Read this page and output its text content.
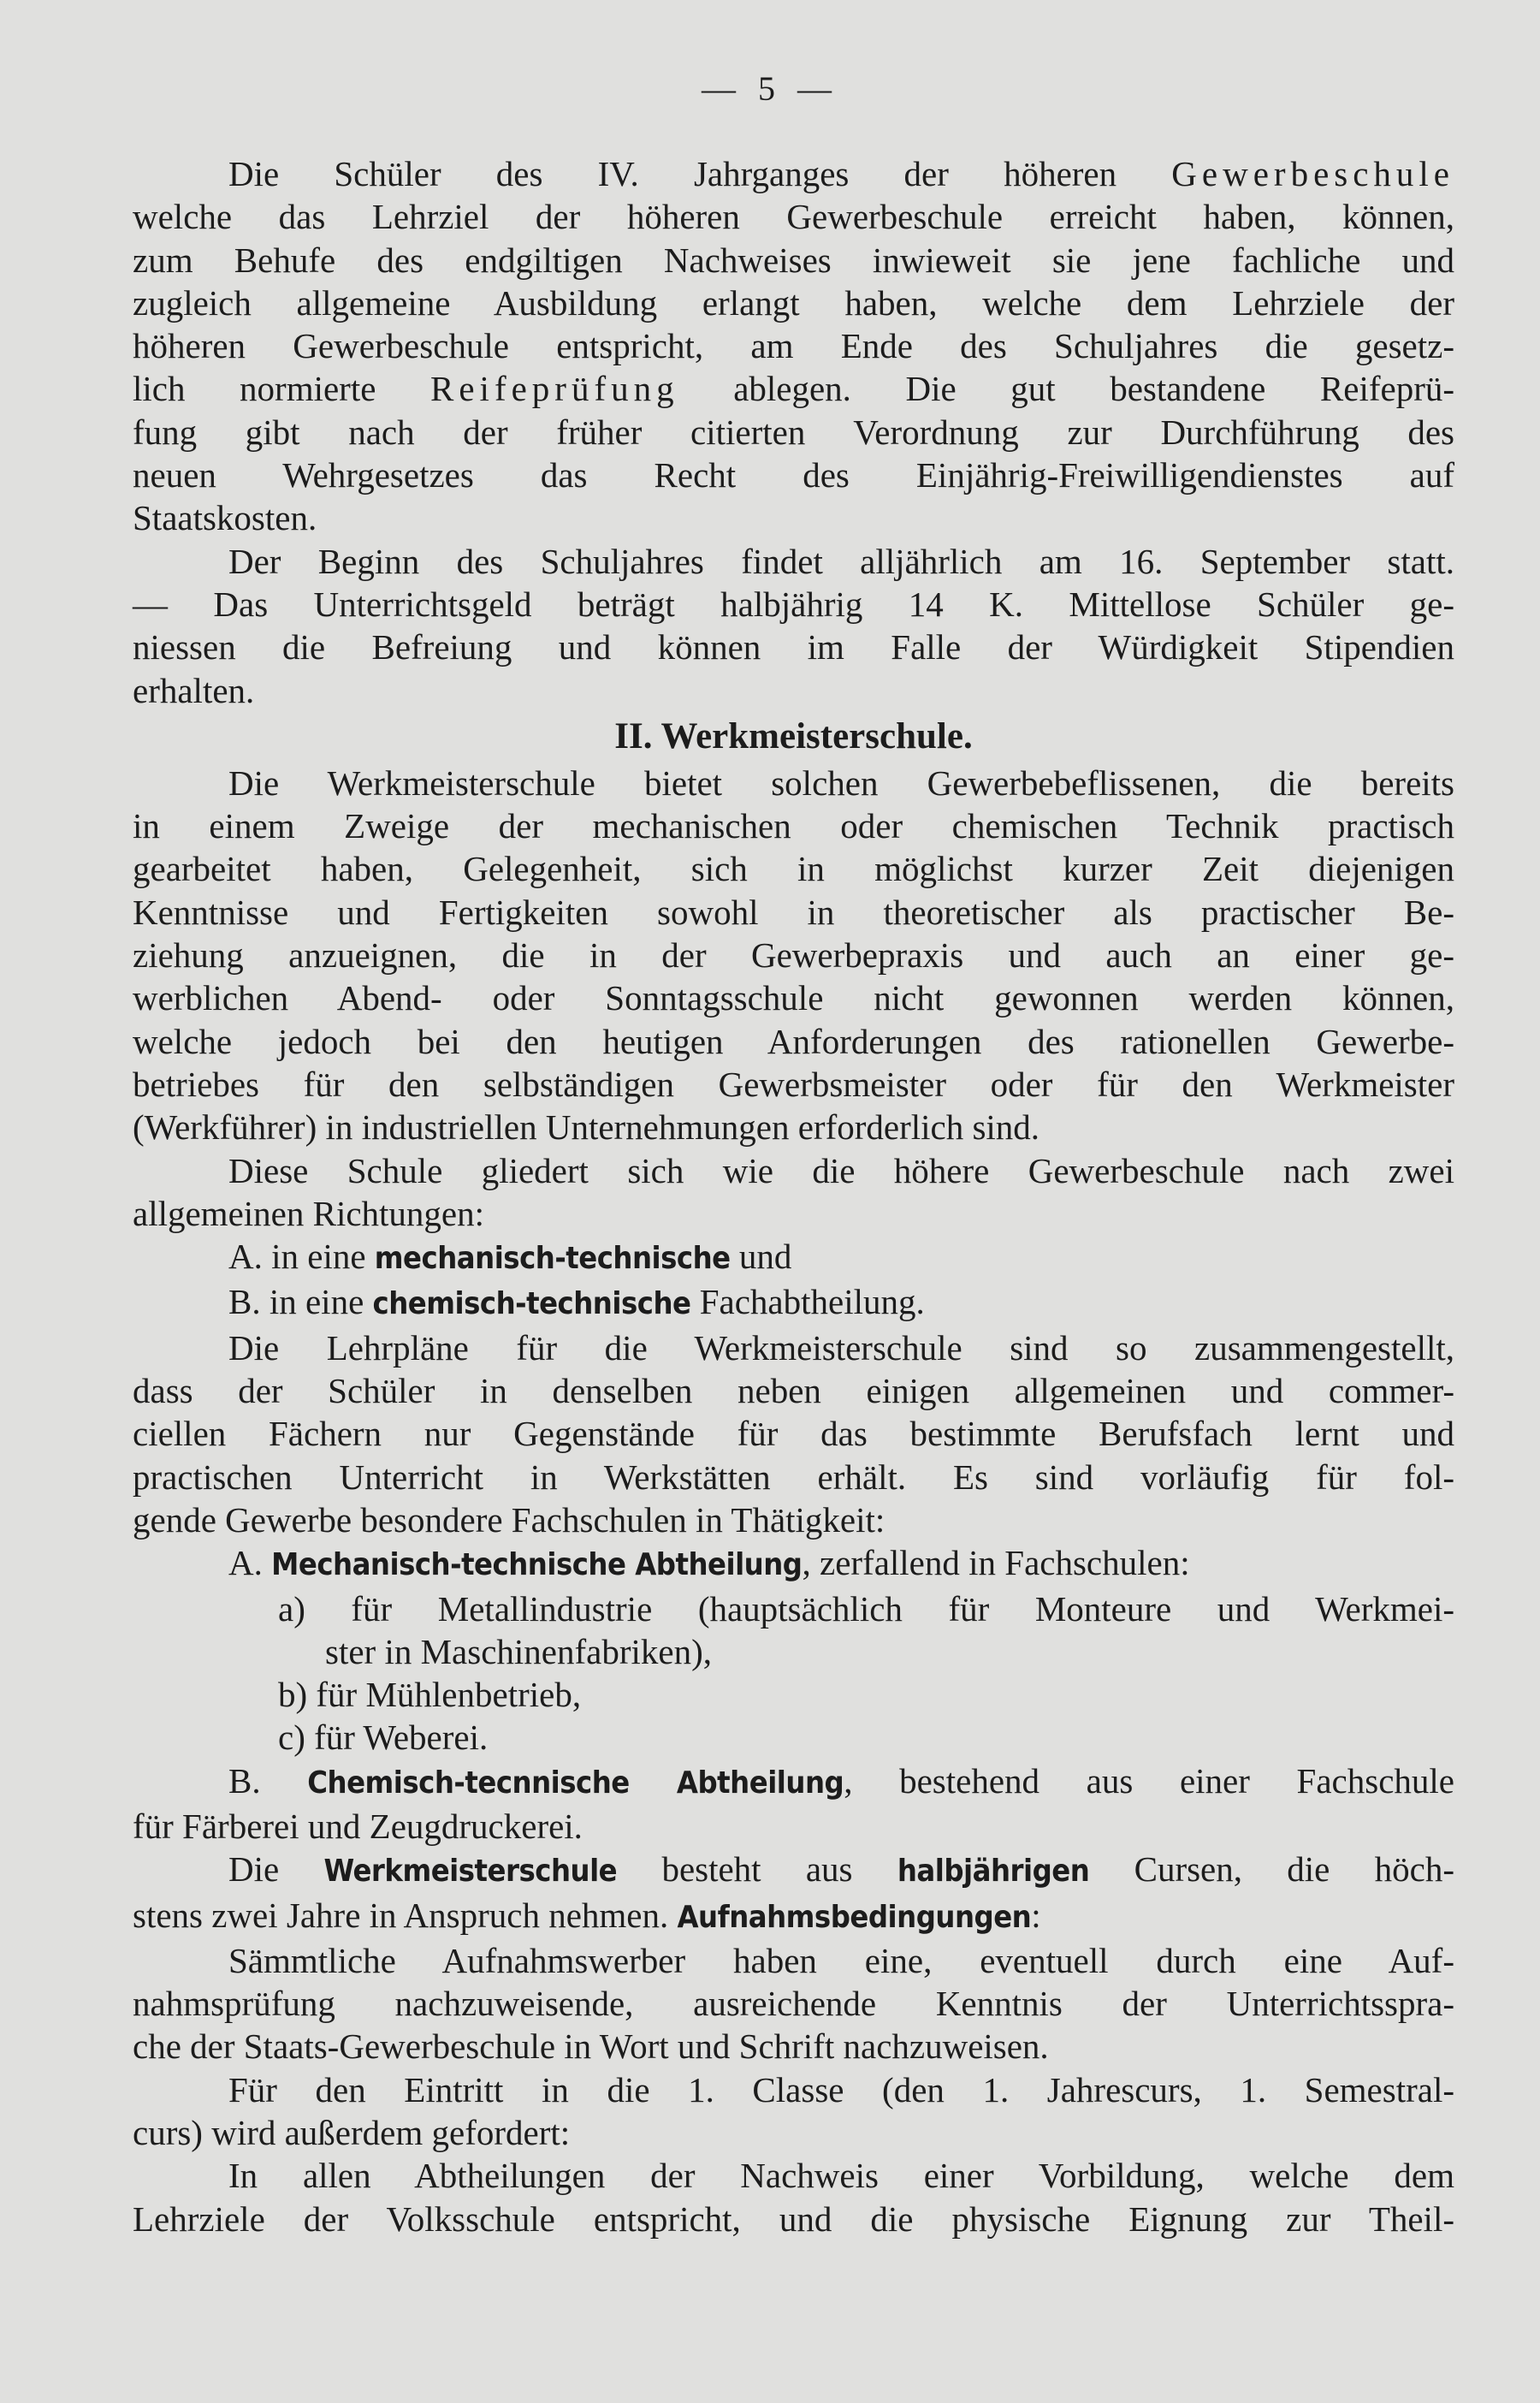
— 5 —
Die Schüler des IV. Jahrganges der höheren Gewerbeschule
welche das Lehrziel der höheren Gewerbeschule erreicht haben, können,
zum Behufe des endgiltigen Nachweises inwieweit sie jene fachliche und
zugleich allgemeine Ausbildung erlangt haben, welche dem Lehrziele der
höheren Gewerbeschule entspricht, am Ende des Schuljahres die gesetz-
lich normierte Reifeprüfung ablegen. Die gut bestandene Reifeprü-
fung gibt nach der früher citierten Verordnung zur Durchführung des
neuen Wehrgesetzes das Recht des Einjährig-Freiwilligendienstes auf
Staatskosten.
Der Beginn des Schuljahres findet alljährlich am 16. September statt.
— Das Unterrichtsgeld beträgt halbjährig 14 K. Mittellose Schüler ge-
niessen die Befreiung und können im Falle der Würdigkeit Stipendien
erhalten.
II. Werkmeisterschule.
Die Werkmeisterschule bietet solchen Gewerbebeflissenen, die bereits
in einem Zweige der mechanischen oder chemischen Technik practisch
gearbeitet haben, Gelegenheit, sich in möglichst kurzer Zeit diejenigen
Kenntnisse und Fertigkeiten sowohl in theoretischer als practischer Be-
ziehung anzueignen, die in der Gewerbepraxis und auch an einer ge-
werblichen Abend- oder Sonntagsschule nicht gewonnen werden können,
welche jedoch bei den heutigen Anforderungen des rationellen Gewerbe-
betriebes für den selbständigen Gewerbsmeister oder für den Werkmeister
(Werkführer) in industriellen Unternehmungen erforderlich sind.
Diese Schule gliedert sich wie die höhere Gewerbeschule nach zwei
allgemeinen Richtungen:
A. in eine mechanisch-technische und
B. in eine chemisch-technische Fachabtheilung.
Die Lehrpläne für die Werkmeisterschule sind so zusammengestellt,
dass der Schüler in denselben neben einigen allgemeinen und commer-
ciellen Fächern nur Gegenstände für das bestimmte Berufsfach lernt und
practischen Unterricht in Werkstätten erhält. Es sind vorläufig für fol-
gende Gewerbe besondere Fachschulen in Thätigkeit:
A. Mechanisch-technische Abtheilung, zerfallend in Fachschulen:
a) für Metallindustrie (hauptsächlich für Monteure und Werkmei-
ster in Maschinenfabriken),
b) für Mühlenbetrieb,
c) für Weberei.
B. Chemisch-tecnnische Abtheilung, bestehend aus einer Fachschule
für Färberei und Zeugdruckerei.
Die Werkmeisterschule besteht aus halbjährigen Cursen, die höch-
stens zwei Jahre in Anspruch nehmen. Aufnahmsbedingungen:
Sämmtliche Aufnahmswerber haben eine, eventuell durch eine Auf-
nahmsprüfung nachzuweisende, ausreichende Kenntnis der Unterrichtsspra-
che der Staats-Gewerbeschule in Wort und Schrift nachzuweisen.
Für den Eintritt in die 1. Classe (den 1. Jahrescurs, 1. Semestral-
curs) wird außerdem gefordert:
In allen Abtheilungen der Nachweis einer Vorbildung, welche dem
Lehrziele der Volksschule entspricht, und die physische Eignung zur Theil-
